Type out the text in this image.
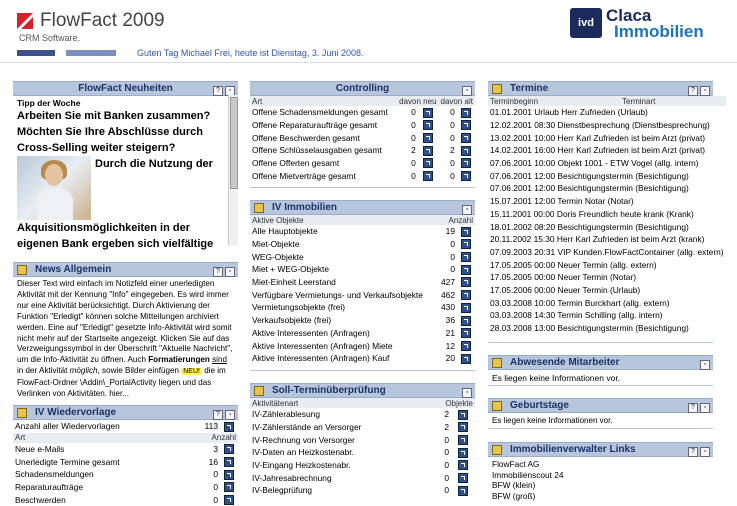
FlowFact 2009
CRM Software.
Guten Tag Michael Frei, heute ist Dienstag, 3. Juni 2008.
ivd Claca
Immobilien
FlowFact Neuheiten	? ▫
Tipp der Woche
Arbeiten Sie mit Banken zusammen? Möchten Sie Ihre Abschlüsse durch Cross-Selling weiter steigern?
Durch die Nutzung der
Akquisitionsmöglichkeiten in der
eigenen Bank ergeben sich vielfältige
News Allgemein	? ▫
Dieser Text wird einfach im Notizfeld einer unerledigten Aktivität mit der Kennung "Info" eingegeben. Es wird immer nur eine Aktivität berücksichtigt. Durch Aktivierung der Funktion "Erledigt" können solche Mitteilungen archiviert werden. Eine auf "Erledigt" gesetzte Info-Aktivität wird somit nicht mehr auf der Startseite angezeigt. Klicken Sie auf das Verzweigungssymbol in der Überschrift "Aktuelle Nachricht", um die Info-Aktivität zu öffnen. Auch Formatierungen sind in der Aktivität möglich, sowie Bilder einfügen NEU! die im FlowFact-Ordner \Addin\_PortalActivity liegen und das Verlinken von Aktivitäten. hier...
IV Wiedervorlage	? ▫
Anzahl aller Wiedervorlagen	113	
Art	Anzahl	
Neue e-Mails	3	
Unerledigte Termine gesamt	16	
Schadensmeldungen	0	
Reparaturaufträge	0	
Beschwerden	0	
Controlling	▫
Art	davon neu		davon alt	
Offene Schadensmeldungen gesamt	0		0	
Offene Reparaturaufträge gesamt	0		0	
Offene Beschwerden gesamt	0		0	
Offene Schlüsselausgaben gesamt	2		2	
Offene Offerten gesamt	0		0	
Offene Mietverträge gesamt	0		0	
IV Immobilien	▫
Aktive Objekte	Anzahl	
Alle Hauptobjekte	19	
Miet-Objekte	0	
WEG-Objekte	0	
Miet + WEG-Objekte	0	
Miet-Einheit Leerstand	427	
Verfügbare Vermietungs- und Verkaufsobjekte	462	
Vermietungsobjekte (frei)	430	
Verkaufsobjekte (frei)	36	
Aktive Interessenten (Anfragen)	21	
Aktive Interessenten (Anfragen) Miete	12	
Aktive Interessenten (Anfragen) Kauf	20	
Soll-Terminüberprüfung	▫
Aktivitätenart	Objekte	
IV-Zählerablesung	2	
IV-Zählerstände an Versorger	2	
IV-Rechnung von Versorger	0	
IV-Daten an Heizkostenabr.	0	
IV-Eingang Heizkostenabr.	0	
IV-Jahresabrechnung	0	
IV-Belegprüfung	0	
Termine	? ▫
Terminbeginn	Terminart
01.01.2001 Urlaub Herr Zufrieden (Urlaub)
12.02.2001 08:30 Dienstbesprechung (Dienstbesprechung)
13.02.2001 10:00 Herr Karl Zufrieden ist beim Arzt (privat)
14.02.2001 16:00 Herr Karl Zufrieden ist beim Arzt (privat)
07.06.2001 10:00 Objekt 1001 - ETW Vogel (allg. intern)
07.06.2001 12:00 Besichtigungstermin (Besichtigung)
07.06.2001 12:00 Besichtigungstermin (Besichtigung)
15.07.2001 12:00 Termin Notar (Notar)
15.11.2001 00:00 Doris Freundlich heute krank (Krank)
18.01.2002 08:20 Besichtigungstermin (Besichtigung)
20.11.2002 15:30 Herr Karl Zufrieden ist beim Arzt (krank)
07.09.2003 20:31 VIP Kunden.FlowFactContainer (allg. extern)
17.05.2005 00:00 Neuer Termin (allg. extern)
17.05.2005 00:00 Neuer Termin (Notar)
17.05.2006 00:00 Neuer Termin (Urlaub)
03.03.2008 10:00 Termin Burckhart (allg. extern)
03.03.2008 14:30 Termin Schilling (allg. intern)
28.03.2008 13:00 Besichtigungstermin (Besichtigung)
Abwesende Mitarbeiter	▫
Es liegen keine Informationen vor.
Geburtstage	? ▫
Es liegen keine Informationen vor.
Immobilienverwalter Links	? ▫
FlowFact AG
Immobilienscout 24
BFW (klein)
BFW (groß)
